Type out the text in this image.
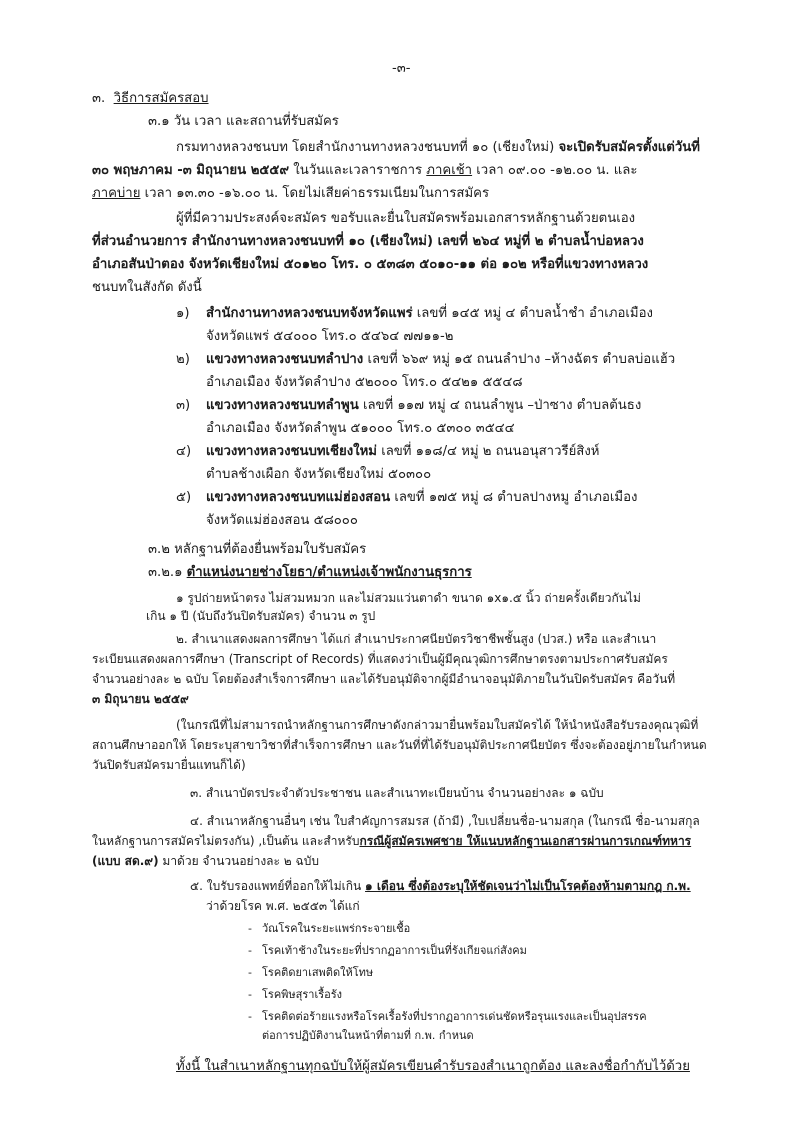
-๓-
๓. วิธีการสมัครสอบ
๓.๑ วัน เวลา และสถานที่รับสมัคร
กรมทางหลวงชนบท โดยสำนักงานทางหลวงชนบทที่ ๑๐ (เชียงใหม่) จะเปิดรับสมัครตั้งแต่วันที่
๓๐ พฤษภาคม -๓ มิถุนายน ๒๕๕๙ ในวันและเวลาราชการ ภาคเช้า เวลา ๐๙.๐๐ -๑๒.๐๐ น. และ
ภาคบ่าย เวลา ๑๓.๓๐ -๑๖.๐๐ น. โดยไม่เสียค่าธรรมเนียมในการสมัคร
ผู้ที่มีความประสงค์จะสมัคร ขอรับและยื่นใบสมัครพร้อมเอกสารหลักฐานด้วยตนเอง
ที่ส่วนอำนวยการ สำนักงานทางหลวงชนบทที่ ๑๐ (เชียงใหม่) เลขที่ ๒๖๔ หมู่ที่ ๒ ตำบลน้ำบ่อหลวง
อำเภอสันป่าตอง จังหวัดเชียงใหม่ ๕๐๑๒๐ โทร. ๐ ๕๓๘๓ ๕๐๑๐-๑๑ ต่อ ๑๐๒ หรือที่แขวงทางหลวง
ชนบทในสังกัด ดังนี้
๑) สำนักงานทางหลวงชนบทจังหวัดแพร่ เลขที่ ๑๔๕ หมู่ ๔ ตำบลน้ำชำ อำเภอเมือง
จังหวัดแพร่ ๕๔๐๐๐ โทร.๐ ๕๔๖๔ ๗๗๑๑-๒
๒) แขวงทางหลวงชนบทลำปาง เลขที่ ๖๖๙ หมู่ ๑๕ ถนนลำปาง –ห้างฉัตร ตำบลบ่อแฮ้ว
อำเภอเมือง จังหวัดลำปาง ๕๒๐๐๐ โทร.๐ ๕๔๒๑ ๕๕๔๘
๓) แขวงทางหลวงชนบทลำพูน เลขที่ ๑๑๗ หมู่ ๔ ถนนลำพูน –ป่าซาง ตำบลต้นธง
อำเภอเมือง จังหวัดลำพูน ๕๑๐๐๐ โทร.๐ ๕๓๐๐ ๓๕๔๔
๔) แขวงทางหลวงชนบทเชียงใหม่ เลขที่ ๑๑๘/๔ หมู่ ๒ ถนนอนุสาวรีย์สิงห์
ตำบลช้างเผือก จังหวัดเชียงใหม่ ๕๐๓๐๐
๕) แขวงทางหลวงชนบทแม่ฮ่องสอน เลขที่ ๑๗๕ หมู่ ๘ ตำบลปางหมู อำเภอเมือง
จังหวัดแม่ฮ่องสอน ๕๘๐๐๐
๓.๒ หลักฐานที่ต้องยื่นพร้อมใบรับสมัคร
๓.๒.๑ ตำแหน่งนายช่างโยธา/ตำแหน่งเจ้าพนักงานธุรการ
๑ รูปถ่ายหน้าตรง ไม่สวมหมวก และไม่สวมแว่นตาดำ ขนาด ๑x๑.๕ นิ้ว ถ่ายครั้งเดียวกันไม่
เกิน ๑ ปี (นับถึงวันปิดรับสมัคร) จำนวน ๓ รูป
๒. สำเนาแสดงผลการศึกษา ได้แก่ สำเนาประกาศนียบัตรวิชาชีพชั้นสูง (ปวส.) หรือ และสำเนา
ระเบียนแสดงผลการศึกษา (Transcript of Records) ที่แสดงว่าเป็นผู้มีคุณวุฒิการศึกษาตรงตามประกาศรับสมัคร
จำนวนอย่างละ ๒ ฉบับ โดยต้องสำเร็จการศึกษา และได้รับอนุมัติจากผู้มีอำนาจอนุมัติภายในวันปิดรับสมัคร คือวันที่
๓ มิถุนายน ๒๕๕๙
(ในกรณีที่ไม่สามารถนำหลักฐานการศึกษาดังกล่าวมายื่นพร้อมใบสมัครได้ ให้นำหนังสือรับรองคุณวุฒิที่
สถานศึกษาออกให้ โดยระบุสาขาวิชาที่สำเร็จการศึกษา และวันที่ที่ได้รับอนุมัติประกาศนียบัตร ซึ่งจะต้องอยู่ภายในกำหนด
วันปิดรับสมัครมายื่นแทนก็ได้)
๓. สำเนาบัตรประจำตัวประชาชน และสำเนาทะเบียนบ้าน จำนวนอย่างละ ๑ ฉบับ
๔. สำเนาหลักฐานอื่นๆ เช่น ใบสำคัญการสมรส (ถ้ามี) ,ใบเปลี่ยนชื่อ-นามสกุล (ในกรณี ชื่อ-นามสกุล
ในหลักฐานการสมัครไม่ตรงกัน) ,เป็นต้น และสำหรับกรณีผู้สมัครเพศชาย ให้แนบหลักฐานเอกสารผ่านการเกณฑ์ทหาร
(แบบ สด.๙) มาด้วย จำนวนอย่างละ ๒ ฉบับ
๕. ใบรับรองแพทย์ที่ออกให้ไม่เกิน ๑ เดือน ซึ่งต้องระบุให้ชัดเจนว่าไม่เป็นโรคต้องห้ามตามกฎ ก.พ.
ว่าด้วยโรค พ.ศ. ๒๕๕๓ ได้แก่
- วัณโรคในระยะแพร่กระจายเชื้อ
- โรคเท้าช้างในระยะที่ปรากฏอาการเป็นที่รังเกียจแก่สังคม
- โรคติดยาเสพติดให้โทษ
- โรคพิษสุราเรื้อรัง
- โรคติดต่อร้ายแรงหรือโรคเรื้อรังที่ปรากฏอาการเด่นชัดหรือรุนแรงและเป็นอุปสรรค
ต่อการปฏิบัติงานในหน้าที่ตามที่ ก.พ. กำหนด
ทั้งนี้ ในสำเนาหลักฐานทุกฉบับให้ผู้สมัครเขียนคำรับรองสำเนาถูกต้อง และลงชื่อกำกับไว้ด้วย
